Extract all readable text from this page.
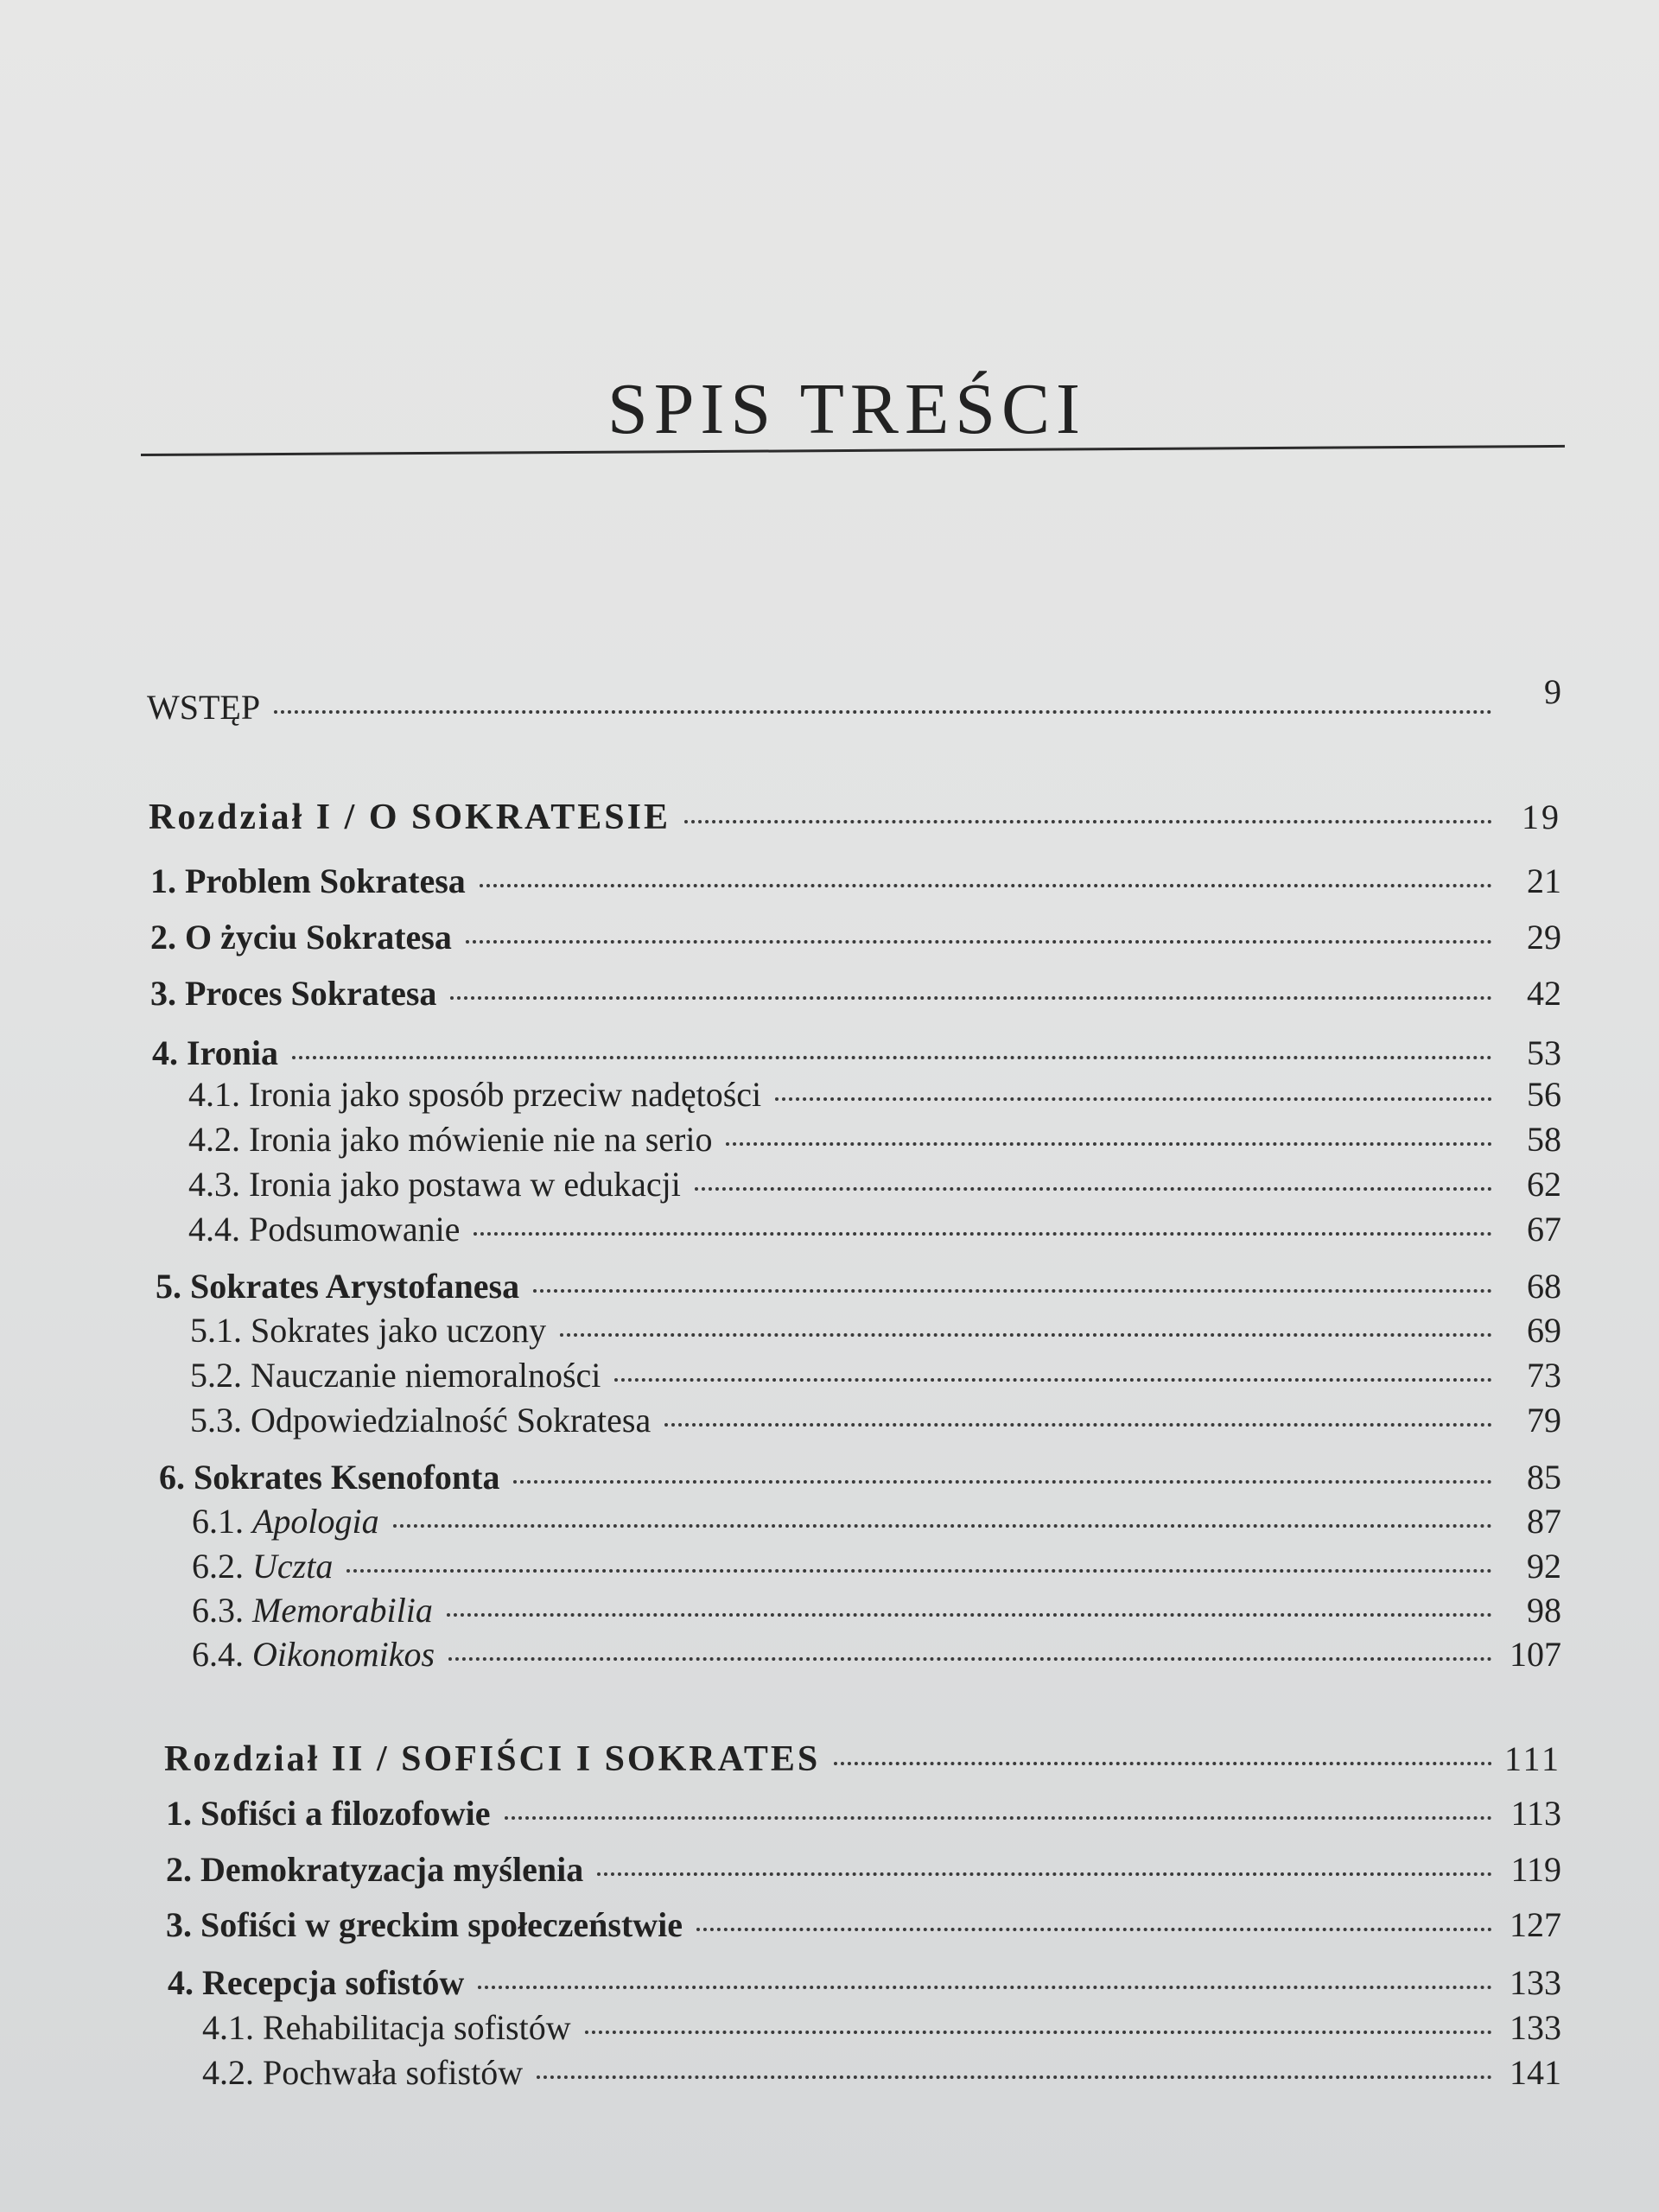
SPIS TREŚCI
WSTĘP	9
Rozdział I / O SOKRATESIE	19
1. Problem Sokratesa	21
2. O życiu Sokratesa	29
3. Proces Sokratesa	42
4. Ironia	53
4.1. Ironia jako sposób przeciw nadętości	56
4.2. Ironia jako mówienie nie na serio	58
4.3. Ironia jako postawa w edukacji	62
4.4. Podsumowanie	67
5. Sokrates Arystofanesa	68
5.1. Sokrates jako uczony	69
5.2. Nauczanie niemoralności	73
5.3. Odpowiedzialność Sokratesa	79
6. Sokrates Ksenofonta	85
6.1. Apologia	87
6.2. Uczta	92
6.3. Memorabilia	98
6.4. Oikonomikos	107
Rozdział II / SOFIŚCI I SOKRATES	111
1. Sofiści a filozofowie	113
2. Demokratyzacja myślenia	119
3. Sofiści w greckim społeczeństwie	127
4. Recepcja sofistów	133
4.1. Rehabilitacja sofistów	133
4.2. Pochwała sofistów	141
